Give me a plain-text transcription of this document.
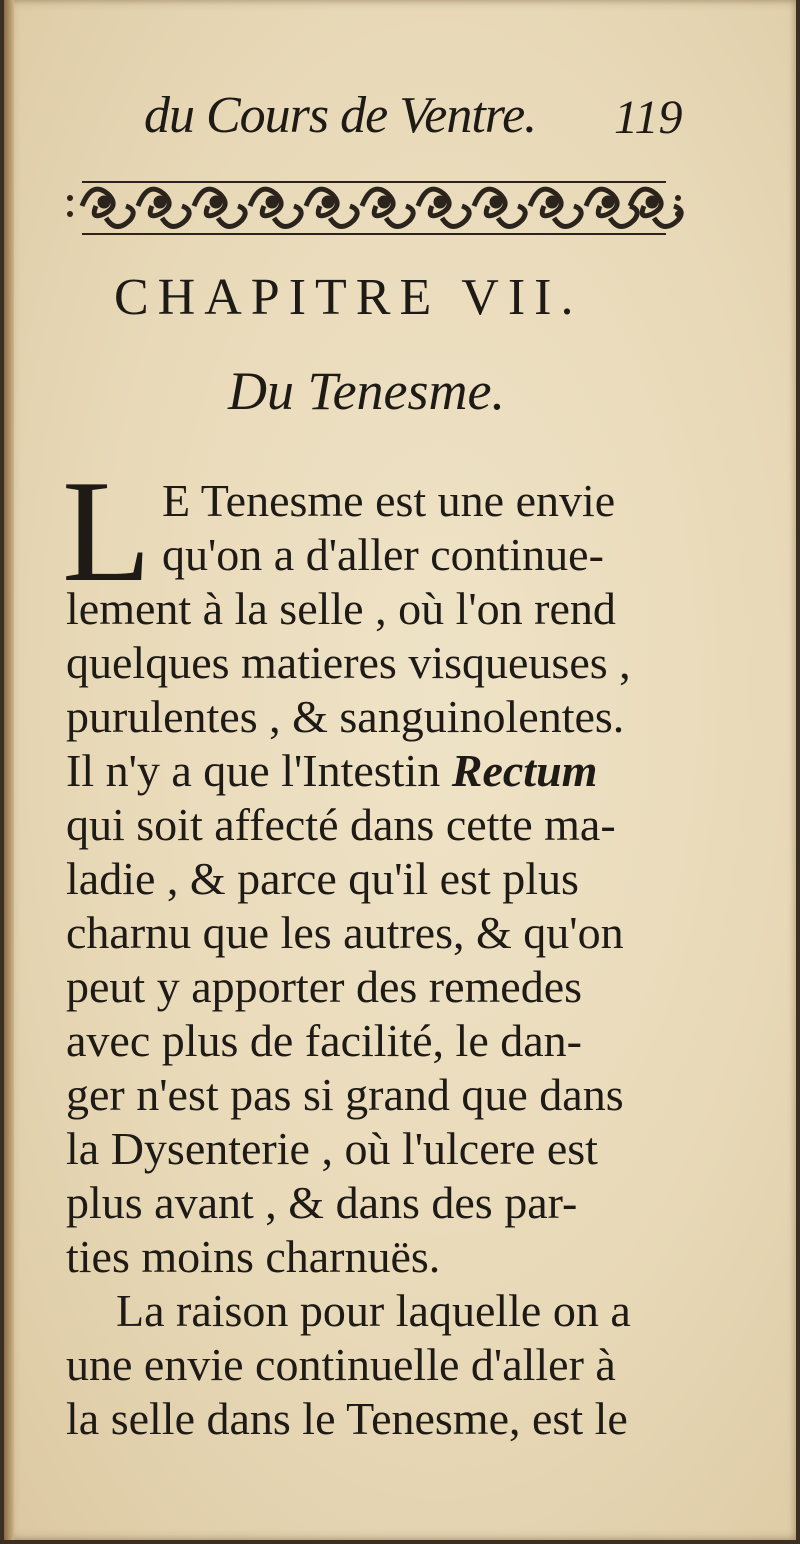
du Cours de Ventre. 119
CHAPITRE VII.
Du Tenesme.
L E Tenesme est une envie
qu'on a d'aller continue-
lement à la selle , où l'on rend
quelques matieres visqueuses ,
purulentes , & sanguinolentes.
Il n'y a que l'Intestin Rectum
qui soit affecté dans cette ma-
ladie , & parce qu'il est plus
charnu que les autres, & qu'on
peut y apporter des remedes
avec plus de facilité, le dan-
ger n'est pas si grand que dans
la Dysenterie , où l'ulcere est
plus avant , & dans des par-
ties moins charnuës.
La raison pour laquelle on a
une envie continuelle d'aller à
la selle dans le Tenesme, est le
